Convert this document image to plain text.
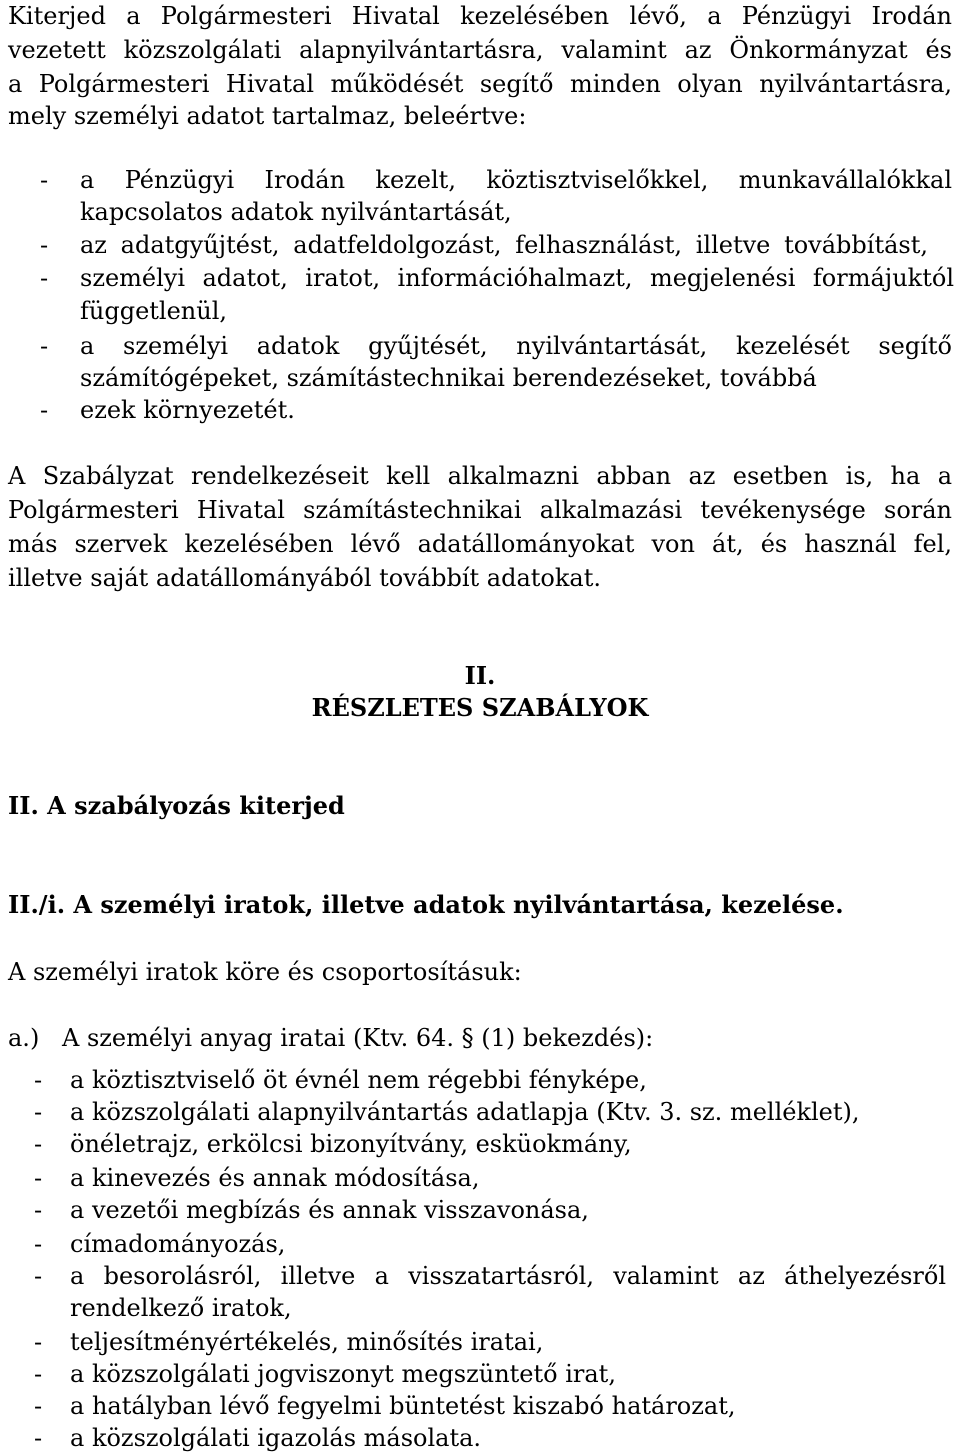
Kiterjed a Polgármesteri Hivatal kezelésében lévő, a Pénzügyi Irodán
vezetett közszolgálati alapnyilvántartásra, valamint az Önkormányzat és
a Polgármesteri Hivatal működését segítő minden olyan nyilvántartásra,
mely személyi adatot tartalmaz, beleértve:
- a Pénzügyi Irodán kezelt, köztisztviselőkkel, munkavállalókkal
kapcsolatos adatok nyilvántartását,
- az adatgyűjtést, adatfeldolgozást, felhasználást, illetve továbbítást,
- személyi adatot, iratot, információhalmazt, megjelenési formájuktól
függetlenül,
- a személyi adatok gyűjtését, nyilvántartását, kezelését segítő
számítógépeket, számítástechnikai berendezéseket, továbbá
- ezek környezetét.
A Szabályzat rendelkezéseit kell alkalmazni abban az esetben is, ha a
Polgármesteri Hivatal számítástechnikai alkalmazási tevékenysége során
más szervek kezelésében lévő adatállományokat von át, és használ fel,
illetve saját adatállományából továbbít adatokat.
II.
RÉSZLETES SZABÁLYOK
II. A szabályozás kiterjed
II./i. A személyi iratok, illetve adatok nyilvántartása, kezelése.
A személyi iratok köre és csoportosításuk:
a.) A személyi anyag iratai (Ktv. 64. § (1) bekezdés):
- a köztisztviselő öt évnél nem régebbi fényképe,
- a közszolgálati alapnyilvántartás adatlapja (Ktv. 3. sz. melléklet),
- önéletrajz, erkölcsi bizonyítvány, esküokmány,
- a kinevezés és annak módosítása,
- a vezetői megbízás és annak visszavonása,
- címadományozás,
- a besorolásról, illetve a visszatartásról, valamint az áthelyezésről
rendelkező iratok,
- teljesítményértékelés, minősítés iratai,
- a közszolgálati jogviszonyt megszüntető irat,
- a hatályban lévő fegyelmi büntetést kiszabó határozat,
- a közszolgálati igazolás másolata.
